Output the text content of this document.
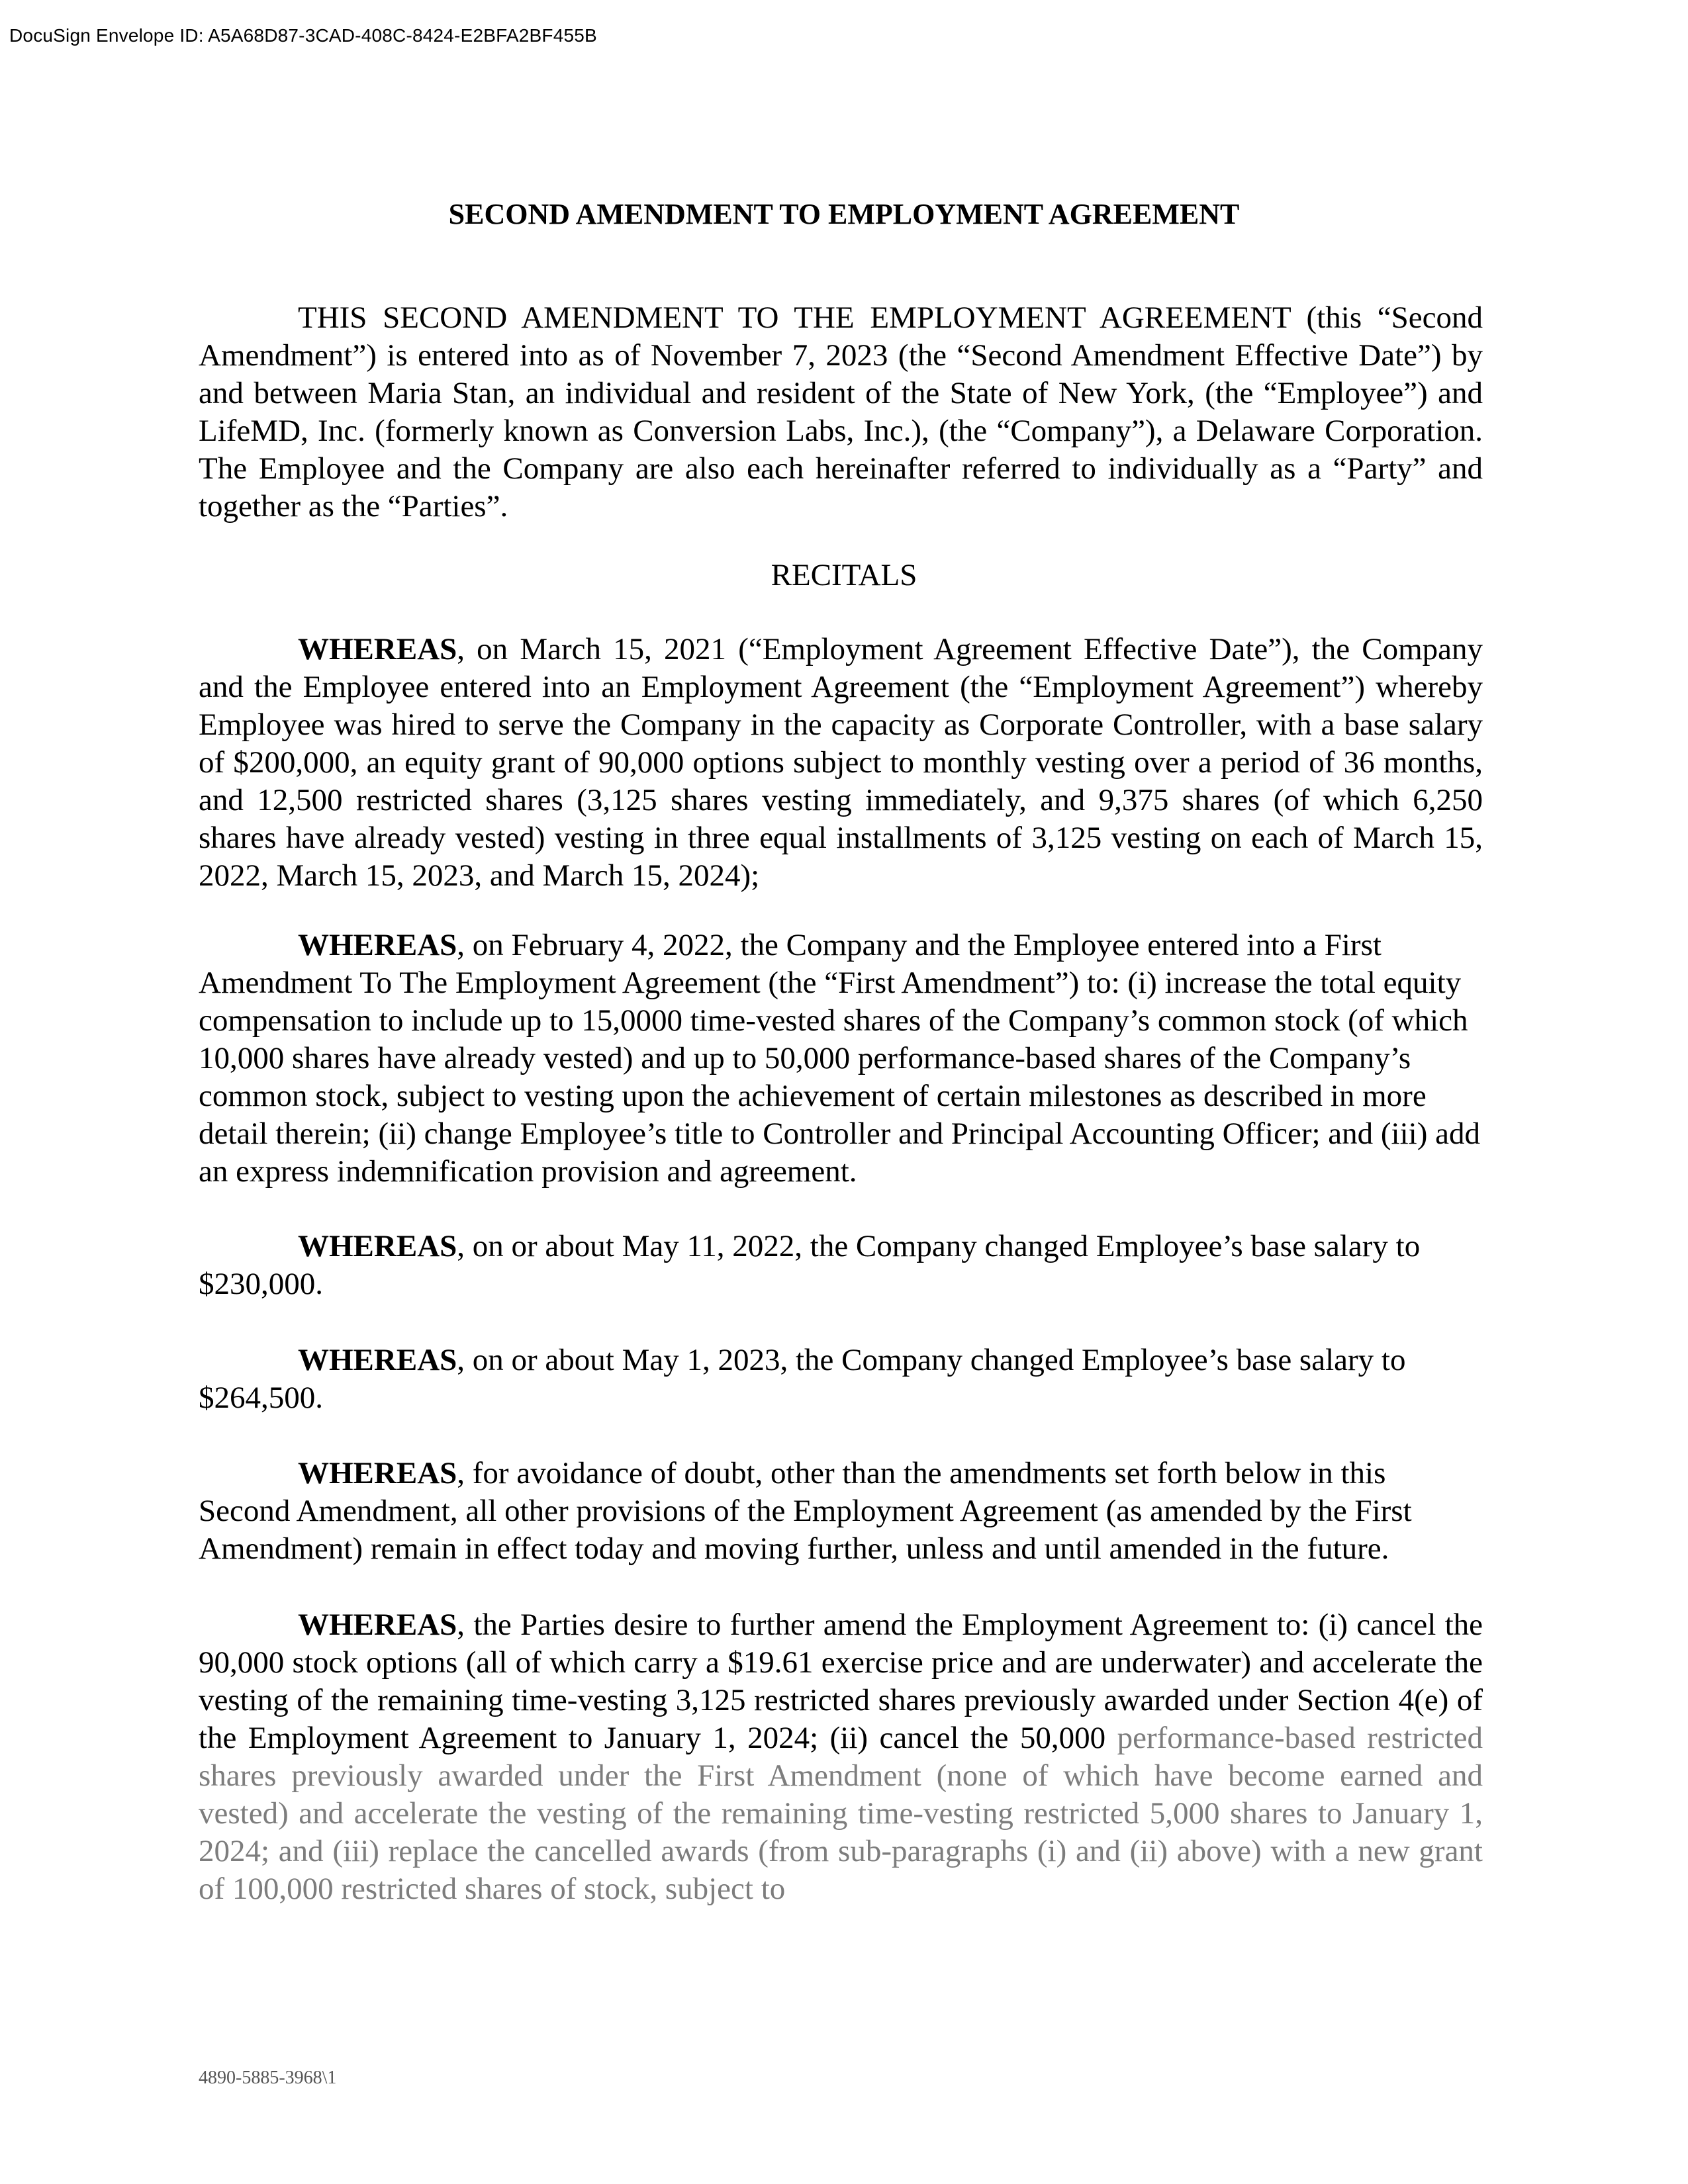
DocuSign Envelope ID: A5A68D87-3CAD-408C-8424-E2BFA2BF455B
SECOND AMENDMENT TO EMPLOYMENT AGREEMENT

THIS SECOND AMENDMENT TO THE EMPLOYMENT AGREEMENT (this “Second Amendment”) is entered into as of November 7, 2023 (the “Second Amendment Effective Date”) by and between Maria Stan, an individual and resident of the State of New York, (the “Employee”) and LifeMD, Inc. (formerly known as Conversion Labs, Inc.), (the “Company”), a Delaware Corporation. The Employee and the Company are also each hereinafter referred to individually as a “Party” and together as the “Parties”.

RECITALS

WHEREAS, on March 15, 2021 (“Employment Agreement Effective Date”), the Company and the Employee entered into an Employment Agreement (the “Employment Agreement”) whereby Employee was hired to serve the Company in the capacity as Corporate Controller, with a base salary of $200,000, an equity grant of 90,000 options subject to monthly vesting over a period of 36 months, and 12,500 restricted shares (3,125 shares vesting immediately, and 9,375 shares (of which 6,250 shares have already vested) vesting in three equal installments of 3,125 vesting on each of March 15, 2022, March 15, 2023, and March 15, 2024);

WHEREAS, on February 4, 2022, the Company and the Employee entered into a First Amendment To The Employment Agreement (the “First Amendment”) to: (i) increase the total equity compensation to include up to 15,0000 time-vested shares of the Company’s common stock (of which 10,000 shares have already vested) and up to 50,000 performance-based shares of the Company’s common stock, subject to vesting upon the achievement of certain milestones as described in more detail therein; (ii) change Employee’s title to Controller and Principal Accounting Officer; and (iii) add an express indemnification provision and agreement.

WHEREAS, on or about May 11, 2022, the Company changed Employee’s base salary to $230,000.

WHEREAS, on or about May 1, 2023, the Company changed Employee’s base salary to $264,500.

WHEREAS, for avoidance of doubt, other than the amendments set forth below in this Second Amendment, all other provisions of the Employment Agreement (as amended by the First Amendment) remain in effect today and moving further, unless and until amended in the future.

WHEREAS, the Parties desire to further amend the Employment Agreement to: (i) cancel the 90,000 stock options (all of which carry a $19.61 exercise price and are underwater) and accelerate the vesting of the remaining time-vesting 3,125 restricted shares previously awarded under Section 4(e) of the Employment Agreement to January 1, 2024; (ii) cancel the 50,000 performance-based restricted shares previously awarded under the First Amendment (none of which have become earned and vested) and accelerate the vesting of the remaining time-vesting restricted 5,000 shares to January 1, 2024; and (iii) replace the cancelled awards (from sub-paragraphs (i) and (ii) above) with a new grant of 100,000 restricted shares of stock, subject to

4890-5885-3968\1
